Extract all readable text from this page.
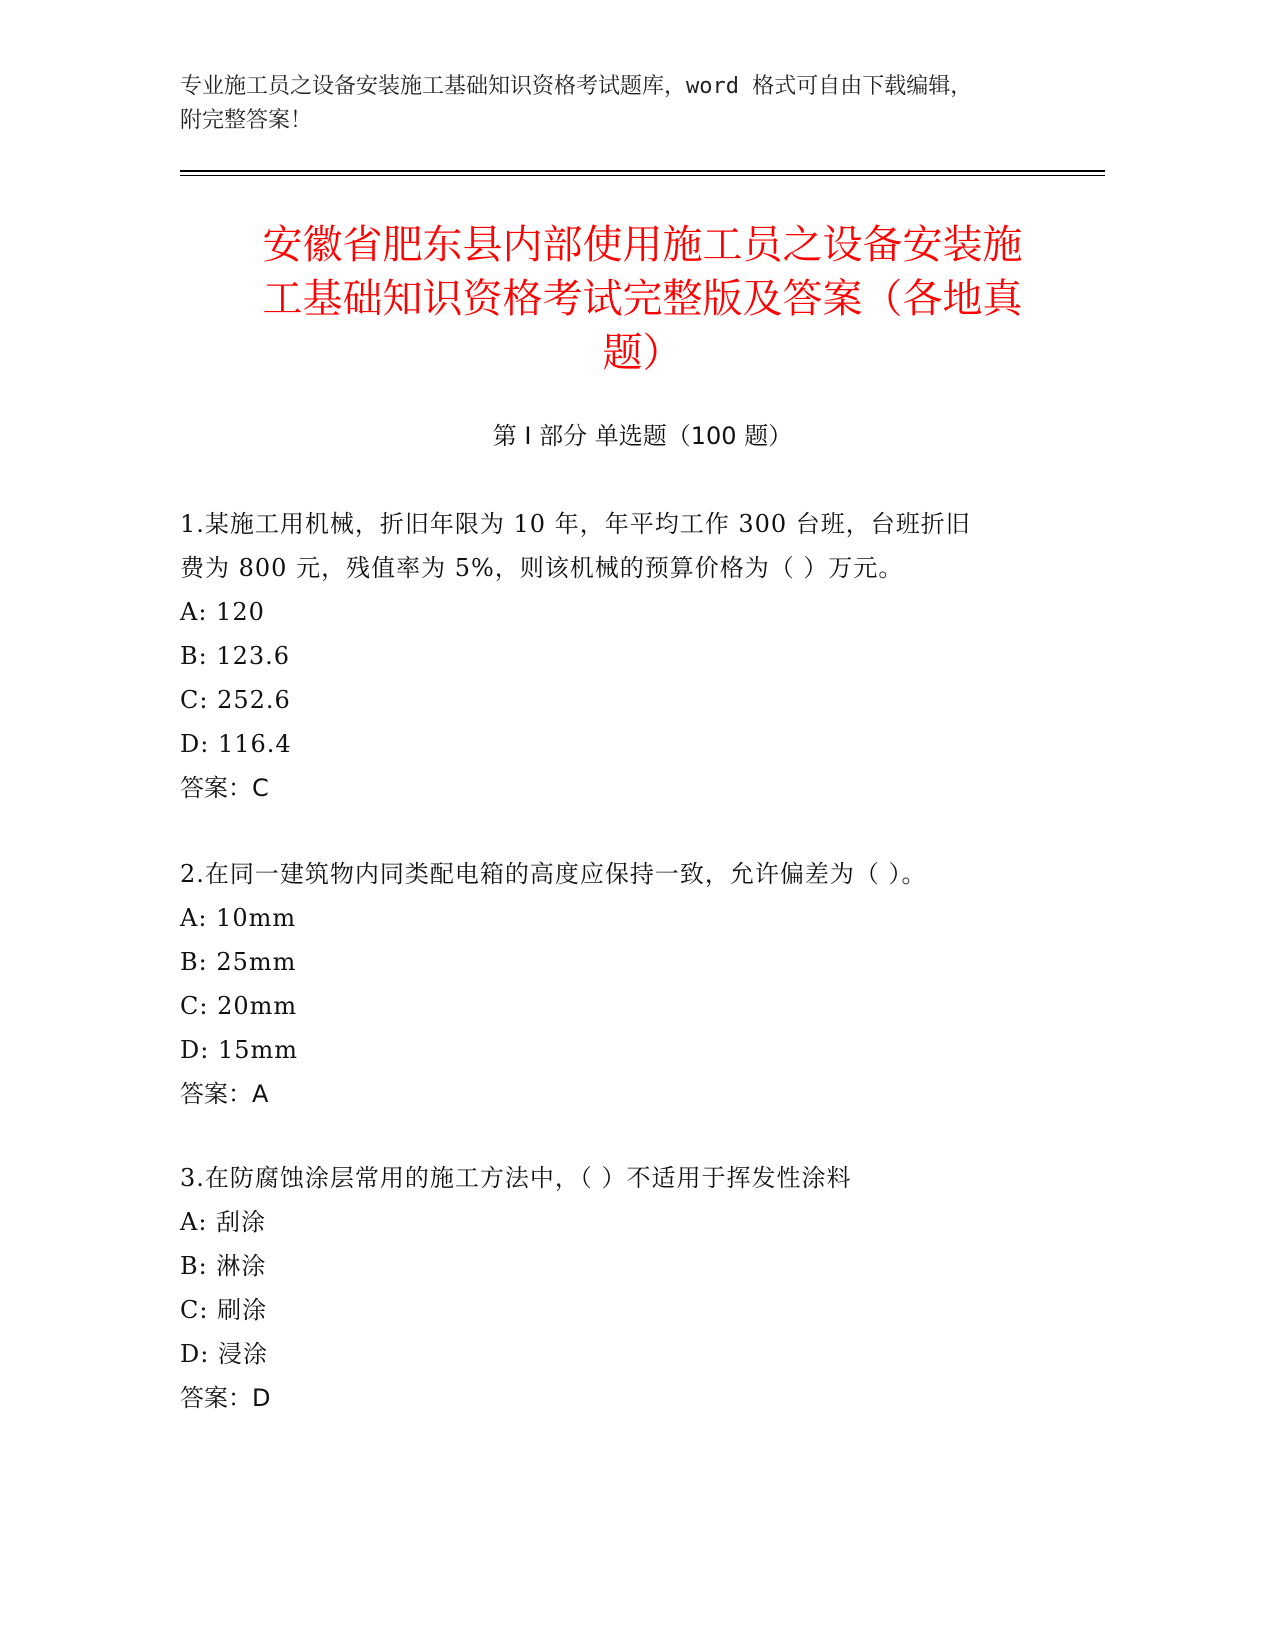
专业施工员之设备安装施工基础知识资格考试题库，word 格式可自由下载编辑，
附完整答案！
安徽省肥东县内部使用施工员之设备安装施
工基础知识资格考试完整版及答案（各地真
题）
第 I 部分 单选题（100 题）
1.某施工用机械，折旧年限为 10 年，年平均工作 300 台班，台班折旧
费为 800 元，残值率为 5%，则该机械的预算价格为（ ）万元。
A: 120
B: 123.6
C: 252.6
D: 116.4
答案：C
2.在同一建筑物内同类配电箱的高度应保持一致，允许偏差为（ ）。
A: 10mm
B: 25mm
C: 20mm
D: 15mm
答案：A
3.在防腐蚀涂层常用的施工方法中，（ ）不适用于挥发性涂料
A: 刮涂
B: 淋涂
C: 刷涂
D: 浸涂
答案：D
